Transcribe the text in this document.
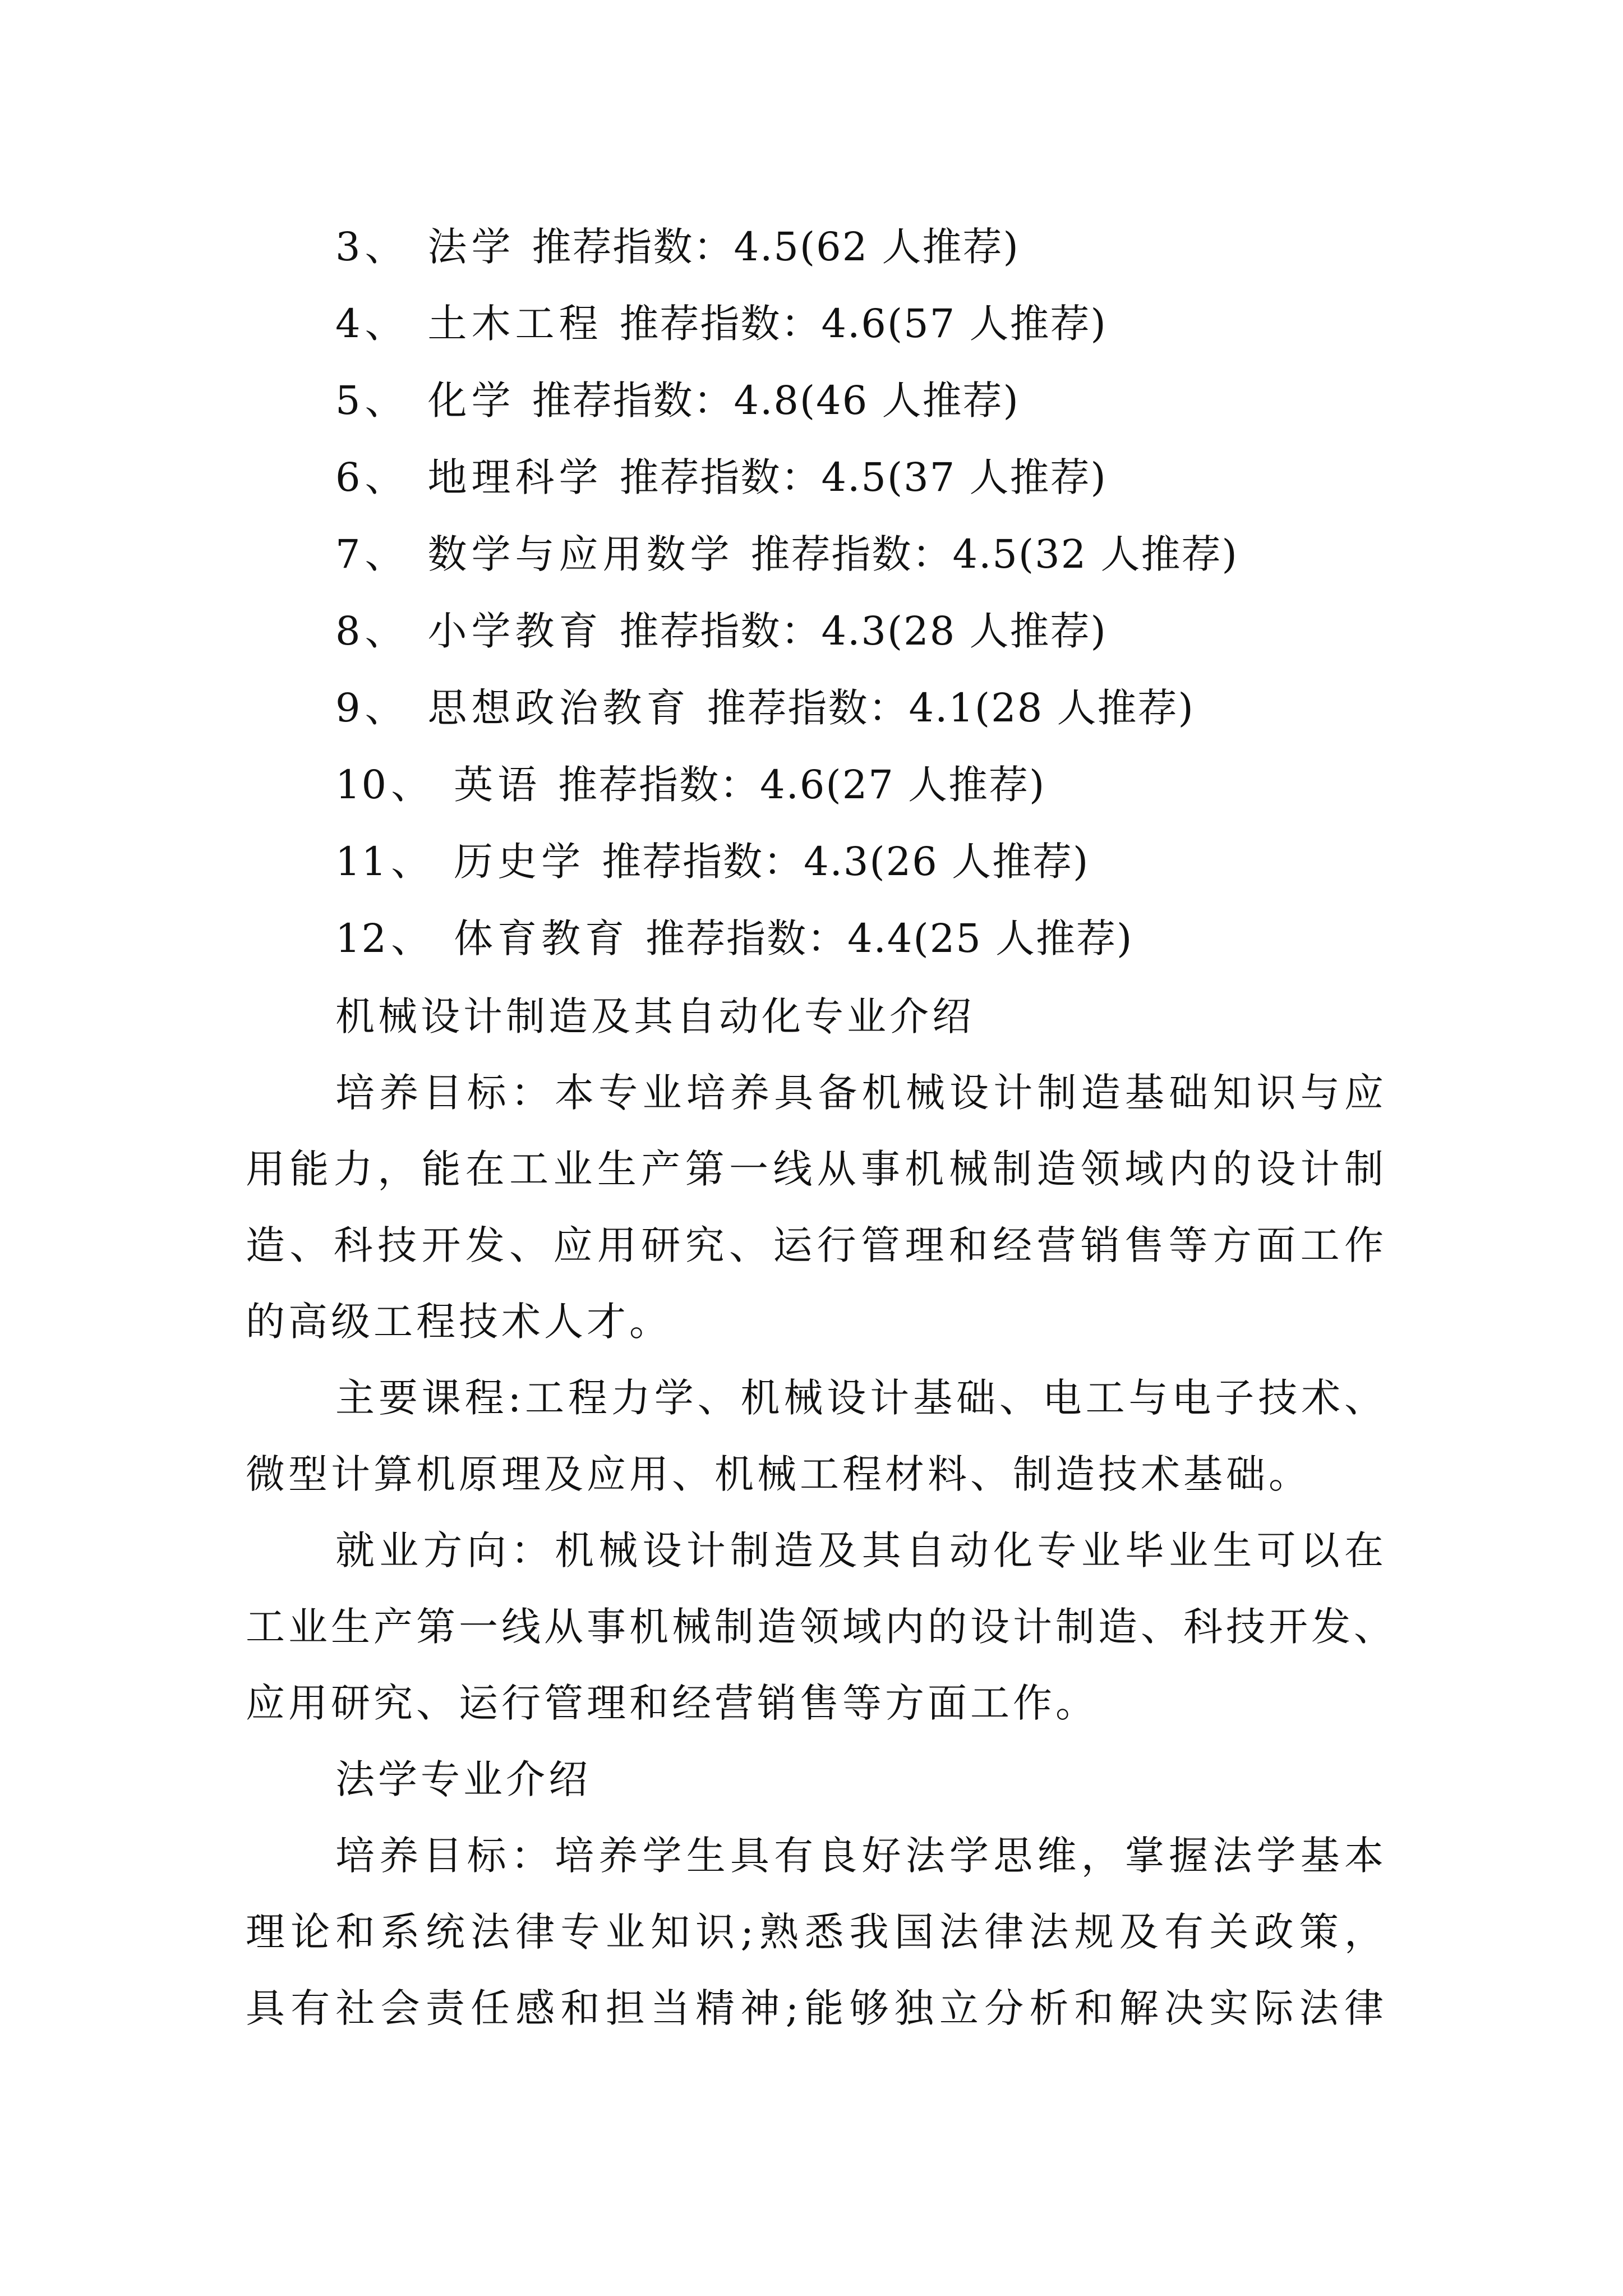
3、 法学 推荐指数：4.5(62 人推荐)
4、 土木工程 推荐指数：4.6(57 人推荐)
5、 化学 推荐指数：4.8(46 人推荐)
6、 地理科学 推荐指数：4.5(37 人推荐)
7、 数学与应用数学 推荐指数：4.5(32 人推荐)
8、 小学教育 推荐指数：4.3(28 人推荐)
9、 思想政治教育 推荐指数：4.1(28 人推荐)
10、 英语 推荐指数：4.6(27 人推荐)
11、 历史学 推荐指数：4.3(26 人推荐)
12、 体育教育 推荐指数：4.4(25 人推荐)
机械设计制造及其自动化专业介绍
培养目标：本专业培养具备机械设计制造基础知识与应
用能力，能在工业生产第一线从事机械制造领域内的设计制
造、科技开发、应用研究、运行管理和经营销售等方面工作
的高级工程技术人才。
主要课程:工程力学、机械设计基础、电工与电子技术、
微型计算机原理及应用、机械工程材料、制造技术基础。
就业方向：机械设计制造及其自动化专业毕业生可以在
工业生产第一线从事机械制造领域内的设计制造、科技开发、
应用研究、运行管理和经营销售等方面工作。
法学专业介绍
培养目标：培养学生具有良好法学思维，掌握法学基本
理论和系统法律专业知识;熟悉我国法律法规及有关政策，
具有社会责任感和担当精神;能够独立分析和解决实际法律
